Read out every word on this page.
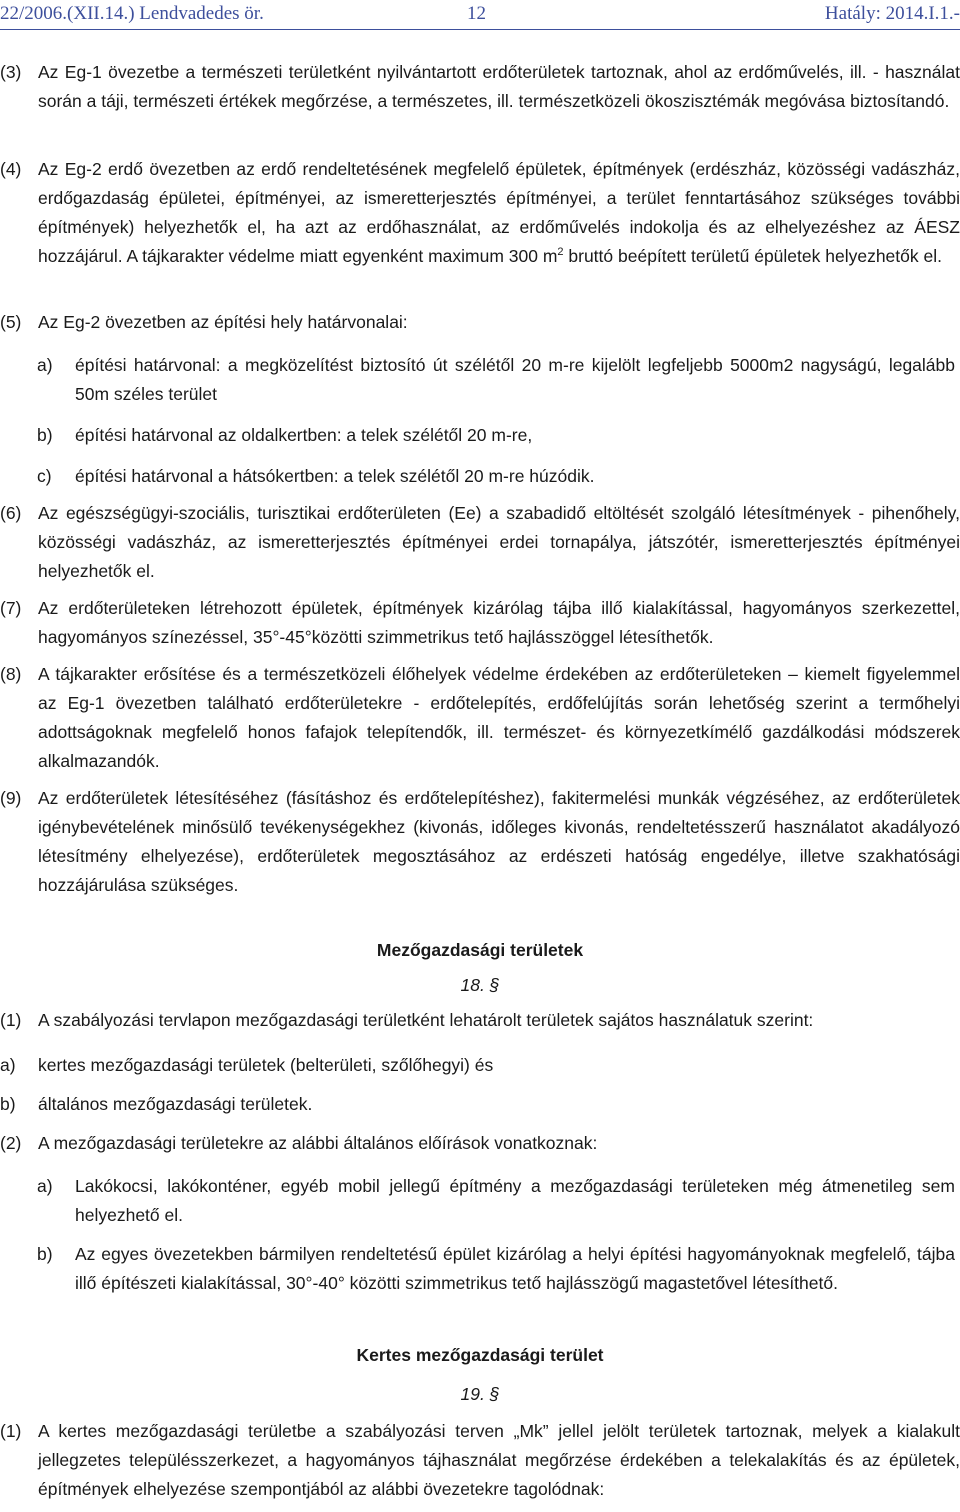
22/2006.(XII.14.) Lendvadedes ör.	12	Hatály: 2014.I.1.-
(3) Az Eg-1 övezetbe a természeti területként nyilvántartott erdőterületek tartoznak, ahol az erdőművelés, ill. - használat során a táji, természeti értékek megőrzése, a természetes, ill. természetközeli ökoszisztémák megóvása biztosítandó.
(4) Az Eg-2 erdő övezetben az erdő rendeltetésének megfelelő épületek, építmények (erdészház, közösségi vadászház, erdőgazdaság épületei, építményei, az ismeretterjesztés építményei, a terület fenntartásához szükséges további építmények) helyezhetők el, ha azt az erdőhasználat, az erdőművelés indokolja és az elhelyezéshez az ÁESZ hozzájárul. A tájkarakter védelme miatt egyenként maximum 300 $m^2$ bruttó beépített területű épületek helyezhetők el.
(5) Az Eg-2 övezetben az építési hely határvonalai:
a)	építési határvonal: a megközelítést biztosító út szélétől 20 m-re kijelölt legfeljebb 5000m2 nagyságú, legalább 50m széles terület
b)	építési határvonal az oldalkertben: a telek szélétől 20 m-re,
c)	építési határvonal a hátsókertben: a telek szélétől 20 m-re húzódik.
(6) Az egészségügyi-szociális, turisztikai erdőterületen (Ee) a szabadidő eltöltését szolgáló létesítmények - pihenőhely, közösségi vadászház, az ismeretterjesztés építményei erdei tornapálya, játszótér, ismeretterjesztés építményei helyezhetők el.
(7) Az erdőterületeken létrehozott épületek, építmények kizárólag tájba illő kialakítással, hagyományos szerkezettel, hagyományos színezéssel, 35°-45°közötti szimmetrikus tető hajlásszöggel létesíthetők.
(8) A tájkarakter erősítése és a természetközeli élőhelyek védelme érdekében az erdőterületeken – kiemelt figyelemmel az Eg-1 övezetben található erdőterületekre - erdőtelepítés, erdőfelújítás során lehetőség szerint a termőhelyi adottságoknak megfelelő honos fafajok telepítendők, ill. természet- és környezetkímélő gazdálkodási módszerek alkalmazandók.
(9) Az erdőterületek létesítéséhez (fásításhoz és erdőtelepítéshez), fakitermelési munkák végzéséhez, az erdőterületek igénybevételének minősülő tevékenységekhez (kivonás, időleges kivonás, rendeltetésszerű használatot akadályozó létesítmény elhelyezése), erdőterületek megosztásához az erdészeti hatóság engedélye, illetve szakhatósági hozzájárulása szükséges.
Mezőgazdasági területek
18. §
(1) A szabályozási tervlapon mezőgazdasági területként lehatárolt területek sajátos használatuk szerint:
a)	kertes mezőgazdasági területek (belterületi, szőlőhegyi) és
b)	általános mezőgazdasági területek.
(2) A mezőgazdasági területekre az alábbi általános előírások vonatkoznak:
a)	Lakókocsi, lakókonténer, egyéb mobil jellegű építmény a mezőgazdasági területeken még átmenetileg sem helyezhető el.
b)	Az egyes övezetekben bármilyen rendeltetésű épület kizárólag a helyi építési hagyományoknak megfelelő, tájba illő építészeti kialakítással, 30°-40° közötti szimmetrikus tető hajlásszögű magastetővel létesíthető.
Kertes mezőgazdasági terület
19. §
(1) A kertes mezőgazdasági területbe a szabályozási terven „Mk” jellel jelölt területek tartoznak, melyek a kialakult jellegzetes településszerkezet, a hagyományos tájhasználat megőrzése érdekében a telekalakítás és az épületek, építmények elhelyezése szempontjából az alábbi övezetekre tagolódnak:
